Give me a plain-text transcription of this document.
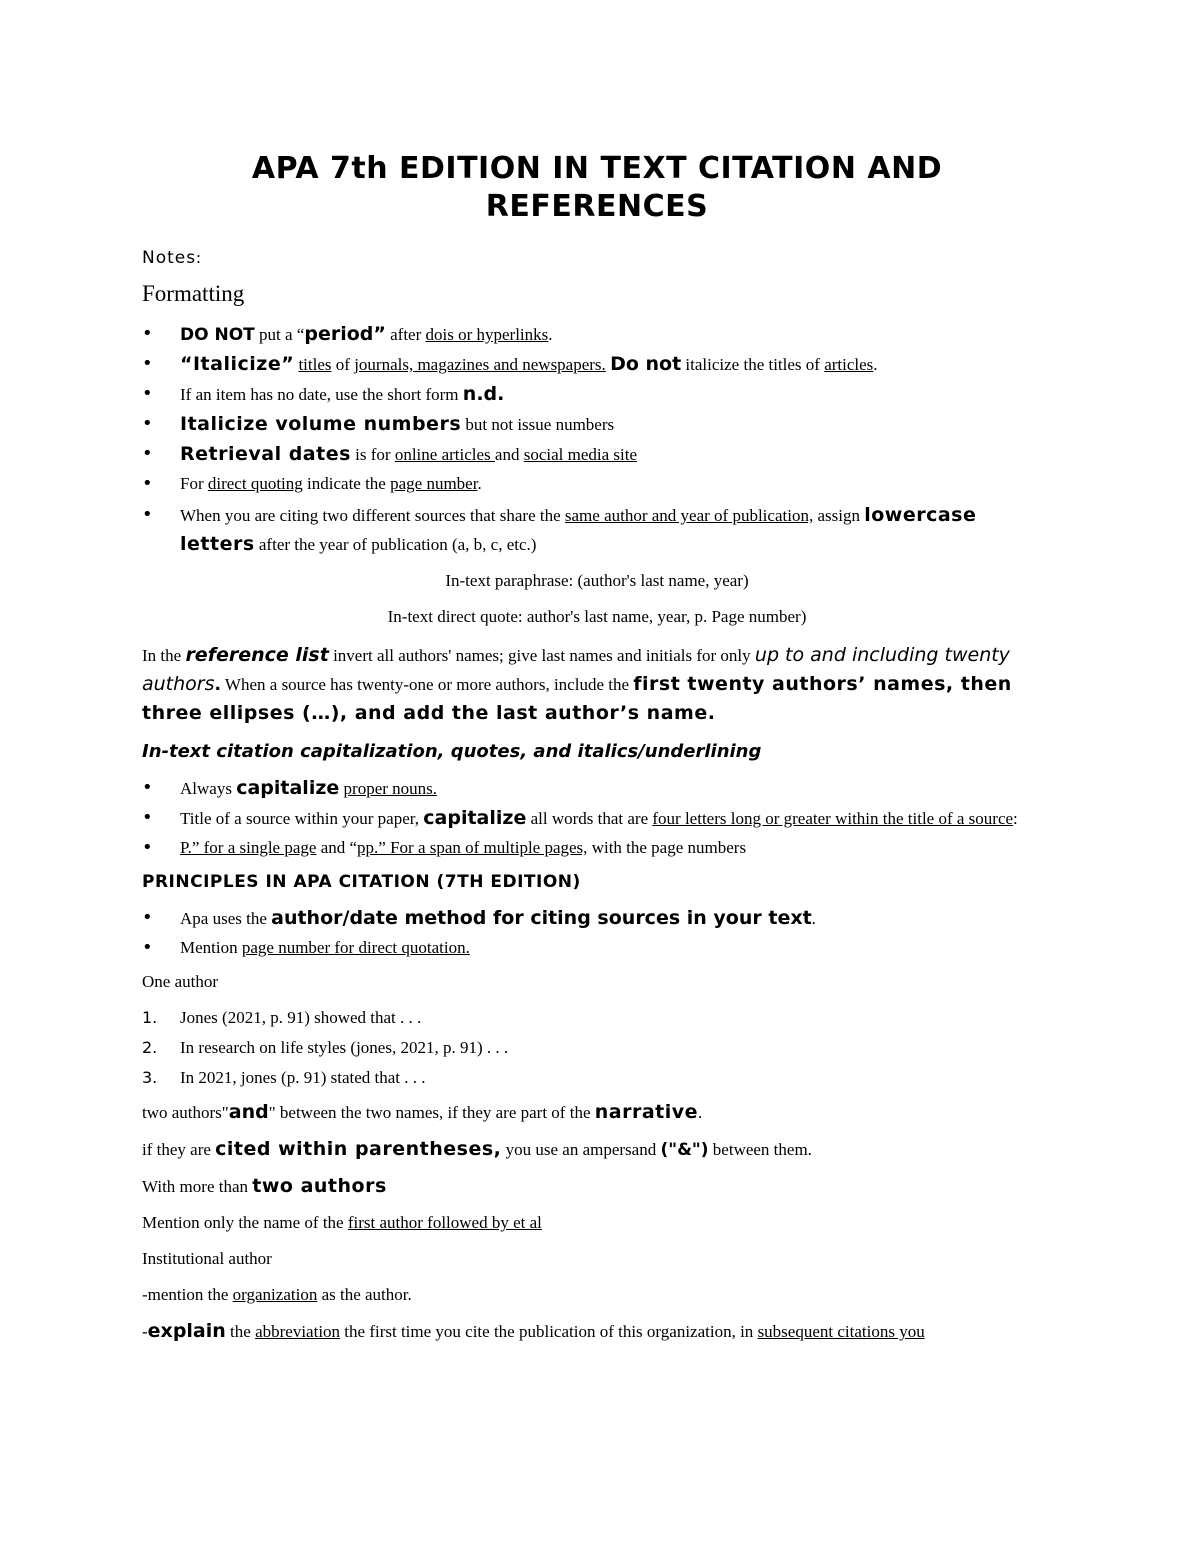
APA 7th EDITION IN TEXT CITATION AND REFERENCES
Notes:
Formatting
• DO NOT put a “period” after dois or hyperlinks.
• “Italicize” titles of journals, magazines and newspapers. Do not italicize the titles of articles.
• If an item has no date, use the short form n.d.
• Italicize volume numbers but not issue numbers
• Retrieval dates is for online articles and social media site
• For direct quoting indicate the page number.
• When you are citing two different sources that share the same author and year of publication, assign lowercase letters after the year of publication (a, b, c, etc.)

In-text paraphrase: (author's last name, year)

In-text direct quote: author's last name, year, p. Page number)

In the reference list invert all authors' names; give last names and initials for only up to and including twenty authors. When a source has twenty-one or more authors, include the first twenty authors’ names, then three ellipses (…), and add the last author’s name.

In-text citation capitalization, quotes, and italics/underlining
• Always capitalize proper nouns.
• Title of a source within your paper, capitalize all words that are four letters long or greater within the title of a source:
• P.” for a single page and “pp.” For a span of multiple pages, with the page numbers
PRINCIPLES IN APA CITATION (7TH EDITION)
• Apa uses the author/date method for citing sources in your text.
• Mention page number for direct quotation.

One author

1. Jones (2021, p. 91) showed that . . .
2. In research on life styles (jones, 2021, p. 91) . . .
3. In 2021, jones (p. 91) stated that . . .

two authors"and" between the two names, if they are part of the narrative.

if they are cited within parentheses, you use an ampersand ("&") between them.

With more than two authors

Mention only the name of the first author followed by et al

Institutional author

-mention the organization as the author.

-explain the abbreviation the first time you cite the publication of this organization, in subsequent citations you
